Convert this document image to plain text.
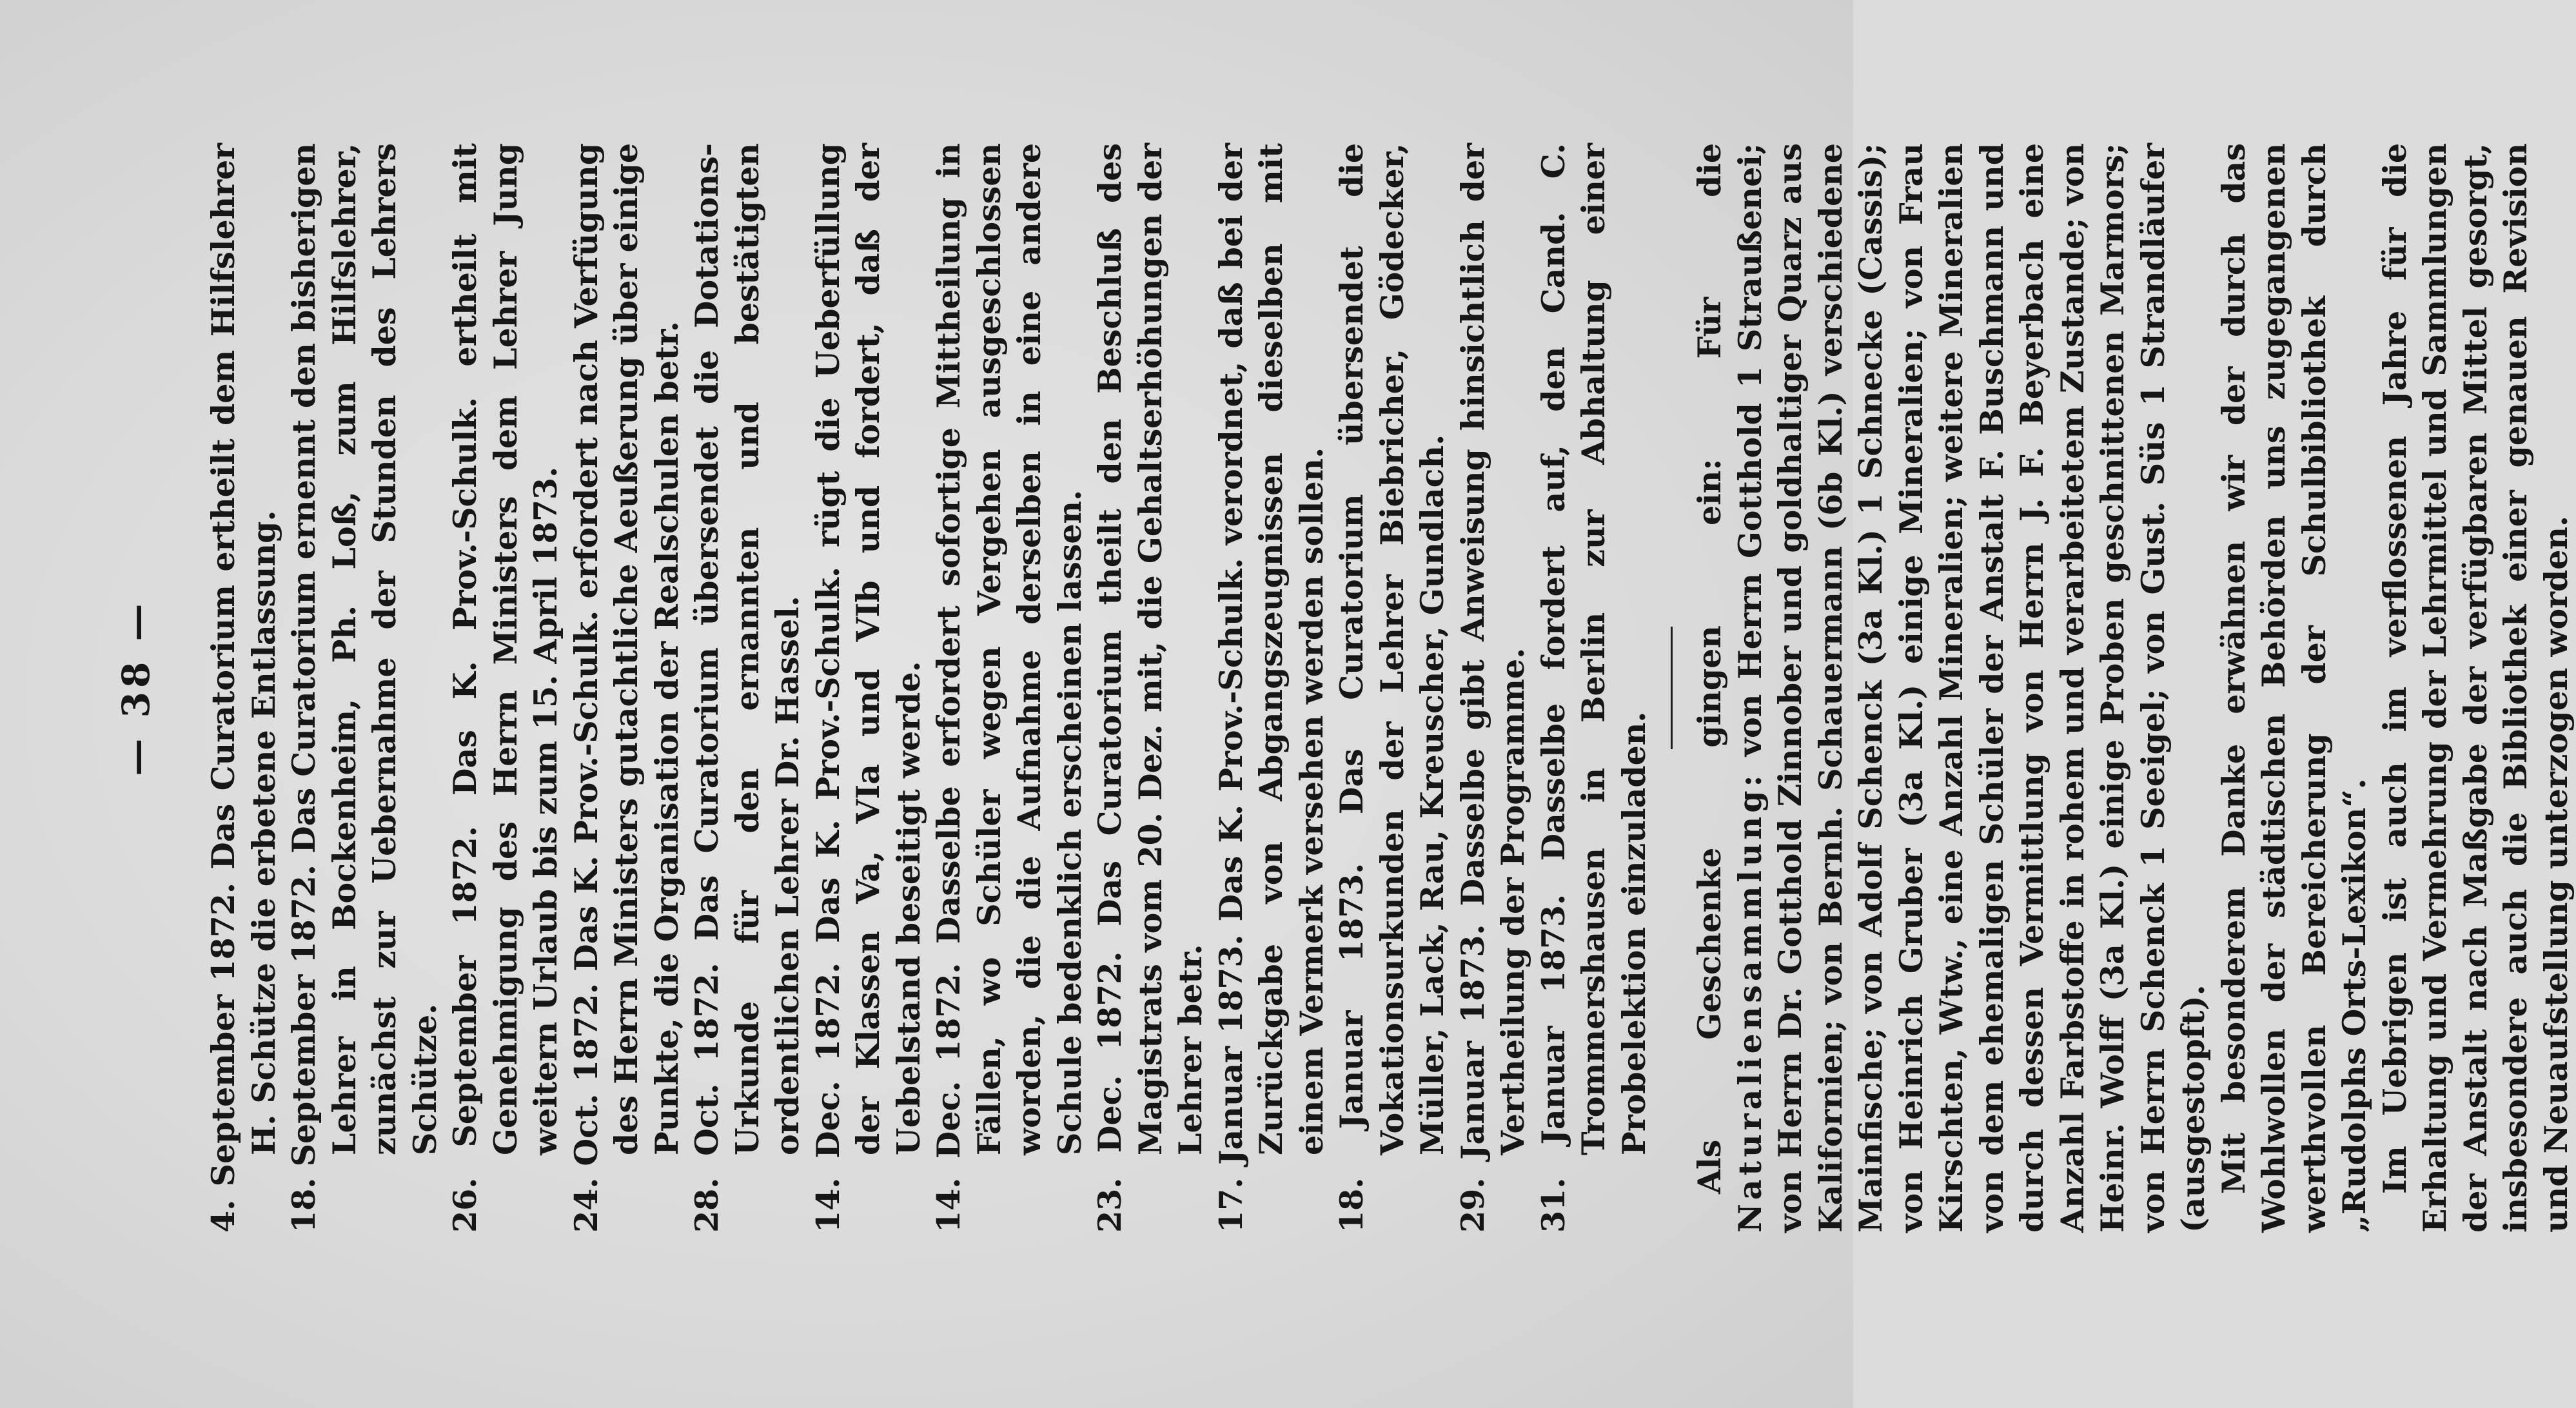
— 38 —

4. September 1872. Das Curatorium ertheilt dem Hilfslehrer H. Schütze die erbetene Entlassung. 18. September 1872. Das Curatorium ernennt den bisherigen Lehrer in Bockenheim, Ph. Loß, zum Hilfslehrer, zunächst zur Uebernahme der Stunden des Lehrers Schütze. 26. September 1872. Das K. Prov.-Schulk. ertheilt mit Genehmigung des Herrn Ministers dem Lehrer Jung weitern Urlaub bis zum 15. April 1873. 24. Oct. 1872. Das K. Prov.-Schulk. erfordert nach Verfügung des Herrn Ministers gutachtliche Aeußerung über einige Punkte, die Organisation der Realschulen betr. 28. Oct. 1872. Das Curatorium übersendet die Dotations-Urkunde für den ernannten und bestätigten ordentlichen Lehrer Dr. Hassel. 14. Dec. 1872. Das K. Prov.-Schulk. rügt die Ueberfüllung der Klassen Va, VIa und VIb und fordert, daß der Uebelstand beseitigt werde. 14. Dec. 1872. Dasselbe erfordert sofortige Mittheilung in Fällen, wo Schüler wegen Vergehen ausgeschlossen worden, die die Aufnahme derselben in eine andere Schule bedenklich erscheinen lassen. 23. Dec. 1872. Das Curatorium theilt den Beschluß des Magistrats vom 20. Dez. mit, die Gehaltserhöhungen der Lehrer betr. 17. Januar 1873. Das K. Prov.-Schulk. verordnet, daß bei der Zurückgabe von Abgangszeugnissen dieselben mit einem Vermerk versehen werden sollen. 18. Januar 1873. Das Curatorium übersendet die Vokationsurkunden der Lehrer Biebricher, Gödecker, Müller, Lack, Rau, Kreuscher, Gundlach. 29. Januar 1873. Dasselbe gibt Anweisung hinsichtlich der Vertheilung der Programme. 31. Januar 1873. Dasselbe fordert auf, den Cand. C. Trommershausen in Berlin zur Abhaltung einer Probelektion einzuladen. Als Geschenke gingen ein: Für die Naturaliensammlung: von Herrn Gotthold 1 Straußenei; von Herrn Dr. Gotthold Zinnober und goldhaltiger Quarz aus Kalifornien; von Bernh. Schauermann (6b Kl.) verschiedene Mainfische; von Adolf Schenck (3a Kl.) 1 Schnecke (Cassis); von Heinrich Gruber (3a Kl.) einige Mineralien; von Frau Kirschten, Wtw., eine Anzahl Mineralien; weitere Mineralien von dem ehemaligen Schüler der Anstalt F. Buschmann und durch dessen Vermittlung von Herrn J. F. Beyerbach eine Anzahl Farbstoffe in rohem und verarbeitetem Zustande; von Heinr. Wolff (3a Kl.) einige Proben geschnittenen Marmors; von Herrn Schenck 1 Seeigel; von Gust. Süs 1 Strandläufer (ausgestopft). Mit besonderem Danke erwähnen wir der durch das Wohlwollen der städtischen Behörden uns zugegangenen werthvollen Bereicherung der Schulbibliothek durch „Rudolphs Orts-Lexikon“. Im Uebrigen ist auch im verflossenen Jahre für die Erhaltung und Vermehrung der Lehrmittel und Sammlungen der Anstalt nach Maßgabe der verfügbaren Mittel gesorgt, insbesondere auch die Bibliothek einer genauen Revision und Neuaufstellung unterzogen worden.
